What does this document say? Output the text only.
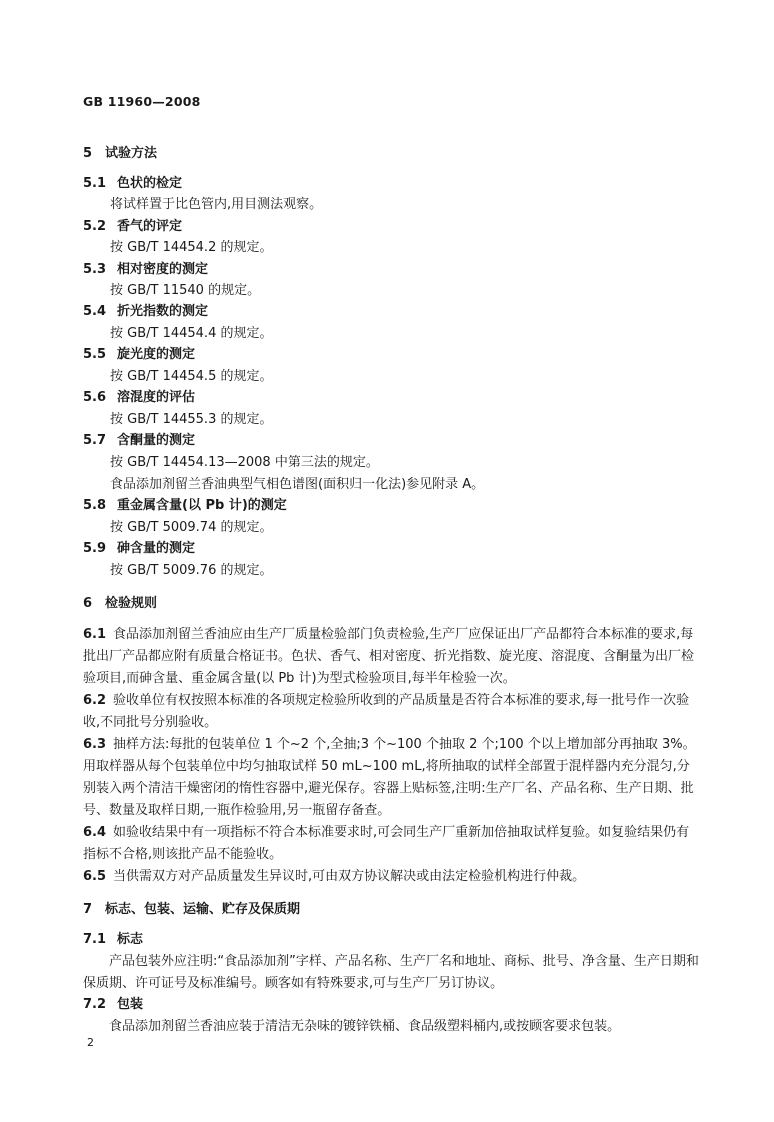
GB 11960—2008
5 试验方法
5.1 色状的检定
将试样置于比色管内,用目测法观察。
5.2 香气的评定
按 GB/T 14454.2 的规定。
5.3 相对密度的测定
按 GB/T 11540 的规定。
5.4 折光指数的测定
按 GB/T 14454.4 的规定。
5.5 旋光度的测定
按 GB/T 14454.5 的规定。
5.6 溶混度的评估
按 GB/T 14455.3 的规定。
5.7 含酮量的测定
按 GB/T 14454.13—2008 中第三法的规定。
食品添加剂留兰香油典型气相色谱图(面积归一化法)参见附录 A。
5.8 重金属含量(以 Pb 计)的测定
按 GB/T 5009.74 的规定。
5.9 砷含量的测定
按 GB/T 5009.76 的规定。
6 检验规则
6.1 食品添加剂留兰香油应由生产厂质量检验部门负责检验,生产厂应保证出厂产品都符合本标准的要求,每批出厂产品都应附有质量合格证书。色状、香气、相对密度、折光指数、旋光度、溶混度、含酮量为出厂检验项目,而砷含量、重金属含量(以 Pb 计)为型式检验项目,每半年检验一次。
6.2 验收单位有权按照本标准的各项规定检验所收到的产品质量是否符合本标准的要求,每一批号作一次验收,不同批号分别验收。
6.3 抽样方法:每批的包装单位 1 个~2 个,全抽;3 个~100 个抽取 2 个;100 个以上增加部分再抽取 3%。用取样器从每个包装单位中均匀抽取试样 50 mL~100 mL,将所抽取的试样全部置于混样器内充分混匀,分别装入两个清洁干燥密闭的惰性容器中,避光保存。容器上贴标签,注明:生产厂名、产品名称、生产日期、批号、数量及取样日期,一瓶作检验用,另一瓶留存备查。
6.4 如验收结果中有一项指标不符合本标准要求时,可会同生产厂重新加倍抽取试样复验。如复验结果仍有指标不合格,则该批产品不能验收。
6.5 当供需双方对产品质量发生异议时,可由双方协议解决或由法定检验机构进行仲裁。
7 标志、包装、运输、贮存及保质期
7.1 标志
产品包装外应注明:“食品添加剂”字样、产品名称、生产厂名和地址、商标、批号、净含量、生产日期和保质期、许可证号及标准编号。顾客如有特殊要求,可与生产厂另订协议。
7.2 包装
食品添加剂留兰香油应装于清洁无杂味的镀锌铁桶、食品级塑料桶内,或按顾客要求包装。
2
